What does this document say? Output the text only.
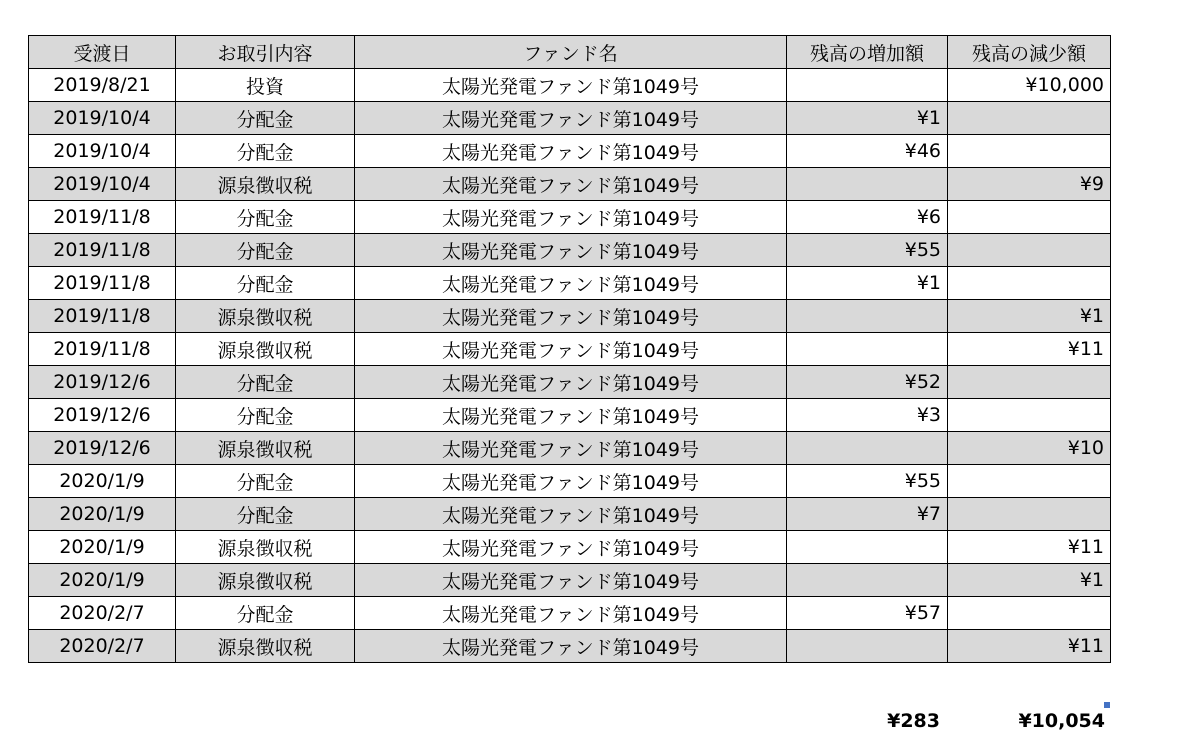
受渡日	お取引内容	ファンド名	残高の増加額	残高の減少額
2019/8/21	投資	太陽光発電ファンド第1049号		¥10,000
2019/10/4	分配金	太陽光発電ファンド第1049号	¥1	
2019/10/4	分配金	太陽光発電ファンド第1049号	¥46	
2019/10/4	源泉徴収税	太陽光発電ファンド第1049号		¥9
2019/11/8	分配金	太陽光発電ファンド第1049号	¥6	
2019/11/8	分配金	太陽光発電ファンド第1049号	¥55	
2019/11/8	分配金	太陽光発電ファンド第1049号	¥1	
2019/11/8	源泉徴収税	太陽光発電ファンド第1049号		¥1
2019/11/8	源泉徴収税	太陽光発電ファンド第1049号		¥11
2019/12/6	分配金	太陽光発電ファンド第1049号	¥52	
2019/12/6	分配金	太陽光発電ファンド第1049号	¥3	
2019/12/6	源泉徴収税	太陽光発電ファンド第1049号		¥10
2020/1/9	分配金	太陽光発電ファンド第1049号	¥55	
2020/1/9	分配金	太陽光発電ファンド第1049号	¥7	
2020/1/9	源泉徴収税	太陽光発電ファンド第1049号		¥11
2020/1/9	源泉徴収税	太陽光発電ファンド第1049号		¥1
2020/2/7	分配金	太陽光発電ファンド第1049号	¥57	
2020/2/7	源泉徴収税	太陽光発電ファンド第1049号		¥11
¥283	¥10,054
